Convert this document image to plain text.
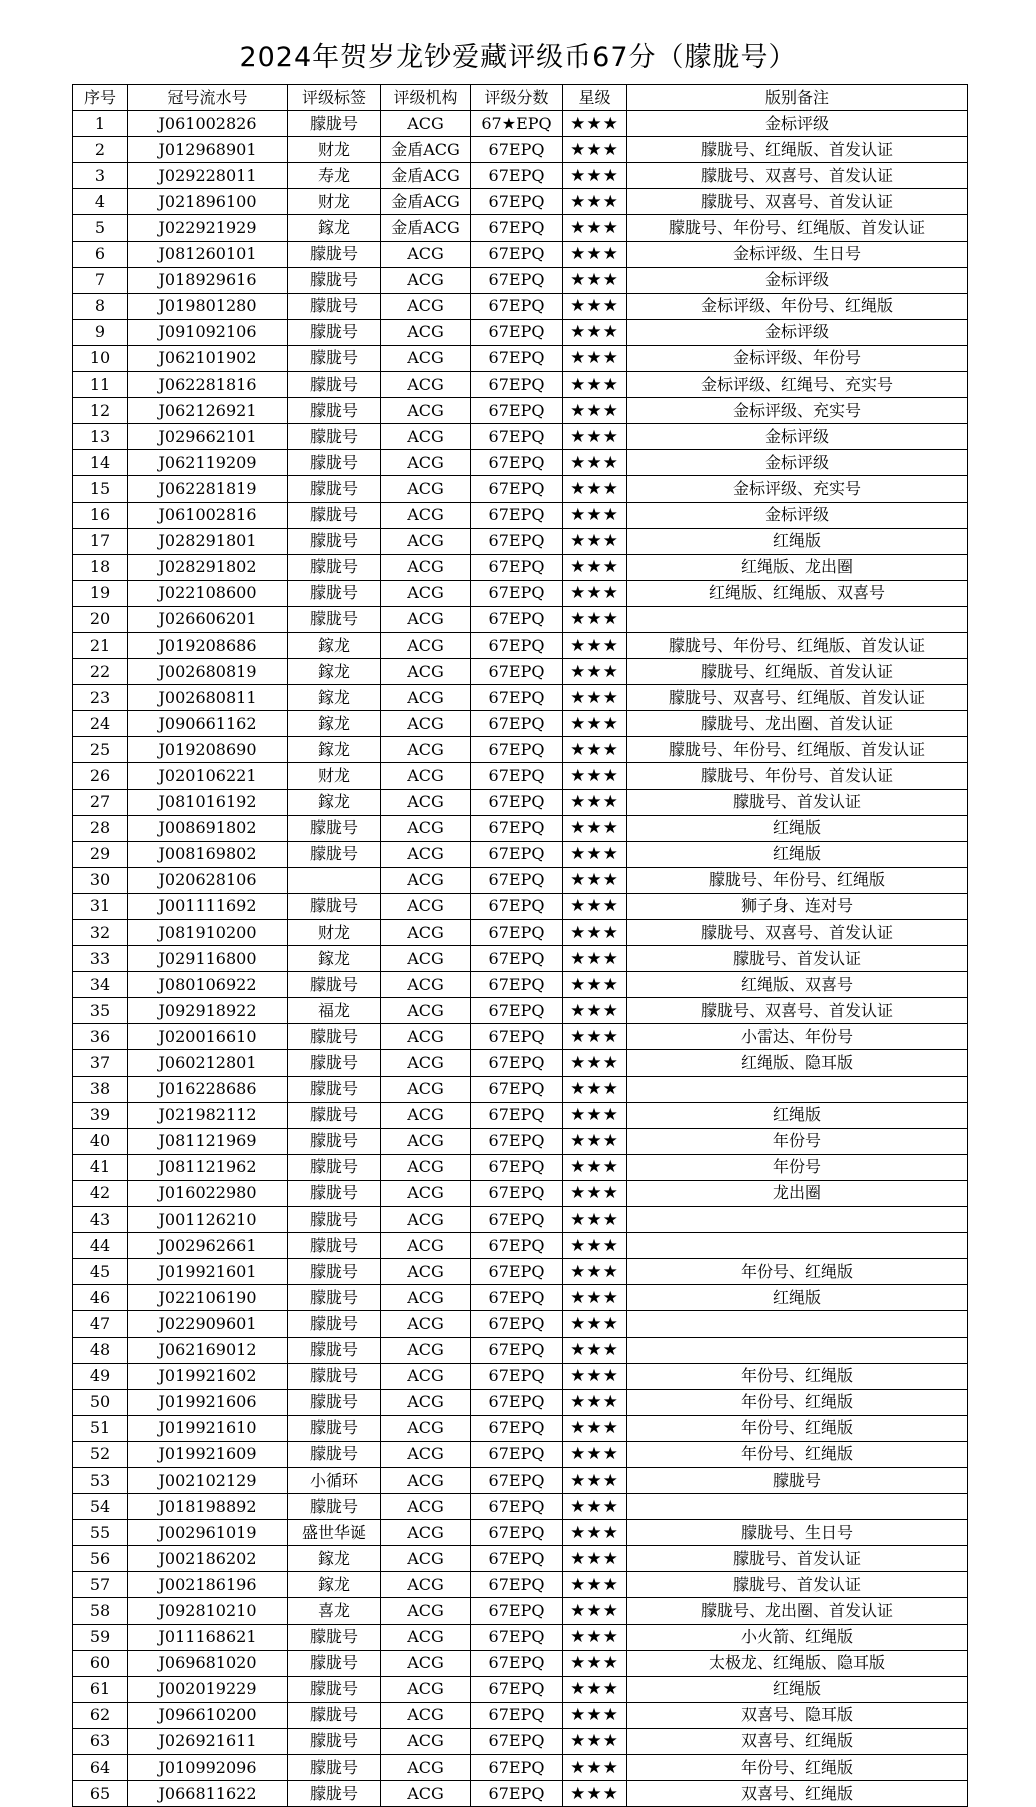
2024年贺岁龙钞爱藏评级币67分（朦胧号）
序号	冠号流水号	评级标签	评级机构	评级分数	星级	版别备注
1	J061002826	朦胧号	ACG	67★EPQ	★★★	金标评级
2	J012968901	财龙	金盾ACG	67EPQ	★★★	朦胧号、红绳版、首发认证
3	J029228011	寿龙	金盾ACG	67EPQ	★★★	朦胧号、双喜号、首发认证
4	J021896100	财龙	金盾ACG	67EPQ	★★★	朦胧号、双喜号、首发认证
5	J022921929	鎵龙	金盾ACG	67EPQ	★★★	朦胧号、年份号、红绳版、首发认证
6	J081260101	朦胧号	ACG	67EPQ	★★★	金标评级、生日号
7	J018929616	朦胧号	ACG	67EPQ	★★★	金标评级
8	J019801280	朦胧号	ACG	67EPQ	★★★	金标评级、年份号、红绳版
9	J091092106	朦胧号	ACG	67EPQ	★★★	金标评级
10	J062101902	朦胧号	ACG	67EPQ	★★★	金标评级、年份号
11	J062281816	朦胧号	ACG	67EPQ	★★★	金标评级、红绳号、充实号
12	J062126921	朦胧号	ACG	67EPQ	★★★	金标评级、充实号
13	J029662101	朦胧号	ACG	67EPQ	★★★	金标评级
14	J062119209	朦胧号	ACG	67EPQ	★★★	金标评级
15	J062281819	朦胧号	ACG	67EPQ	★★★	金标评级、充实号
16	J061002816	朦胧号	ACG	67EPQ	★★★	金标评级
17	J028291801	朦胧号	ACG	67EPQ	★★★	红绳版
18	J028291802	朦胧号	ACG	67EPQ	★★★	红绳版、龙出圈
19	J022108600	朦胧号	ACG	67EPQ	★★★	红绳版、红绳版、双喜号
20	J026606201	朦胧号	ACG	67EPQ	★★★	
21	J019208686	鎵龙	ACG	67EPQ	★★★	朦胧号、年份号、红绳版、首发认证
22	J002680819	鎵龙	ACG	67EPQ	★★★	朦胧号、红绳版、首发认证
23	J002680811	鎵龙	ACG	67EPQ	★★★	朦胧号、双喜号、红绳版、首发认证
24	J090661162	鎵龙	ACG	67EPQ	★★★	朦胧号、龙出圈、首发认证
25	J019208690	鎵龙	ACG	67EPQ	★★★	朦胧号、年份号、红绳版、首发认证
26	J020106221	财龙	ACG	67EPQ	★★★	朦胧号、年份号、首发认证
27	J081016192	鎵龙	ACG	67EPQ	★★★	朦胧号、首发认证
28	J008691802	朦胧号	ACG	67EPQ	★★★	红绳版
29	J008169802	朦胧号	ACG	67EPQ	★★★	红绳版
30	J020628106		ACG	67EPQ	★★★	朦胧号、年份号、红绳版
31	J001111692	朦胧号	ACG	67EPQ	★★★	狮子身、连对号
32	J081910200	财龙	ACG	67EPQ	★★★	朦胧号、双喜号、首发认证
33	J029116800	鎵龙	ACG	67EPQ	★★★	朦胧号、首发认证
34	J080106922	朦胧号	ACG	67EPQ	★★★	红绳版、双喜号
35	J092918922	福龙	ACG	67EPQ	★★★	朦胧号、双喜号、首发认证
36	J020016610	朦胧号	ACG	67EPQ	★★★	小雷达、年份号
37	J060212801	朦胧号	ACG	67EPQ	★★★	红绳版、隐耳版
38	J016228686	朦胧号	ACG	67EPQ	★★★	
39	J021982112	朦胧号	ACG	67EPQ	★★★	红绳版
40	J081121969	朦胧号	ACG	67EPQ	★★★	年份号
41	J081121962	朦胧号	ACG	67EPQ	★★★	年份号
42	J016022980	朦胧号	ACG	67EPQ	★★★	龙出圈
43	J001126210	朦胧号	ACG	67EPQ	★★★	
44	J002962661	朦胧号	ACG	67EPQ	★★★	
45	J019921601	朦胧号	ACG	67EPQ	★★★	年份号、红绳版
46	J022106190	朦胧号	ACG	67EPQ	★★★	红绳版
47	J022909601	朦胧号	ACG	67EPQ	★★★	
48	J062169012	朦胧号	ACG	67EPQ	★★★	
49	J019921602	朦胧号	ACG	67EPQ	★★★	年份号、红绳版
50	J019921606	朦胧号	ACG	67EPQ	★★★	年份号、红绳版
51	J019921610	朦胧号	ACG	67EPQ	★★★	年份号、红绳版
52	J019921609	朦胧号	ACG	67EPQ	★★★	年份号、红绳版
53	J002102129	小循环	ACG	67EPQ	★★★	朦胧号
54	J018198892	朦胧号	ACG	67EPQ	★★★	
55	J002961019	盛世华诞	ACG	67EPQ	★★★	朦胧号、生日号
56	J002186202	鎵龙	ACG	67EPQ	★★★	朦胧号、首发认证
57	J002186196	鎵龙	ACG	67EPQ	★★★	朦胧号、首发认证
58	J092810210	喜龙	ACG	67EPQ	★★★	朦胧号、龙出圈、首发认证
59	J011168621	朦胧号	ACG	67EPQ	★★★	小火箭、红绳版
60	J069681020	朦胧号	ACG	67EPQ	★★★	太极龙、红绳版、隐耳版
61	J002019229	朦胧号	ACG	67EPQ	★★★	红绳版
62	J096610200	朦胧号	ACG	67EPQ	★★★	双喜号、隐耳版
63	J026921611	朦胧号	ACG	67EPQ	★★★	双喜号、红绳版
64	J010992096	朦胧号	ACG	67EPQ	★★★	年份号、红绳版
65	J066811622	朦胧号	ACG	67EPQ	★★★	双喜号、红绳版
